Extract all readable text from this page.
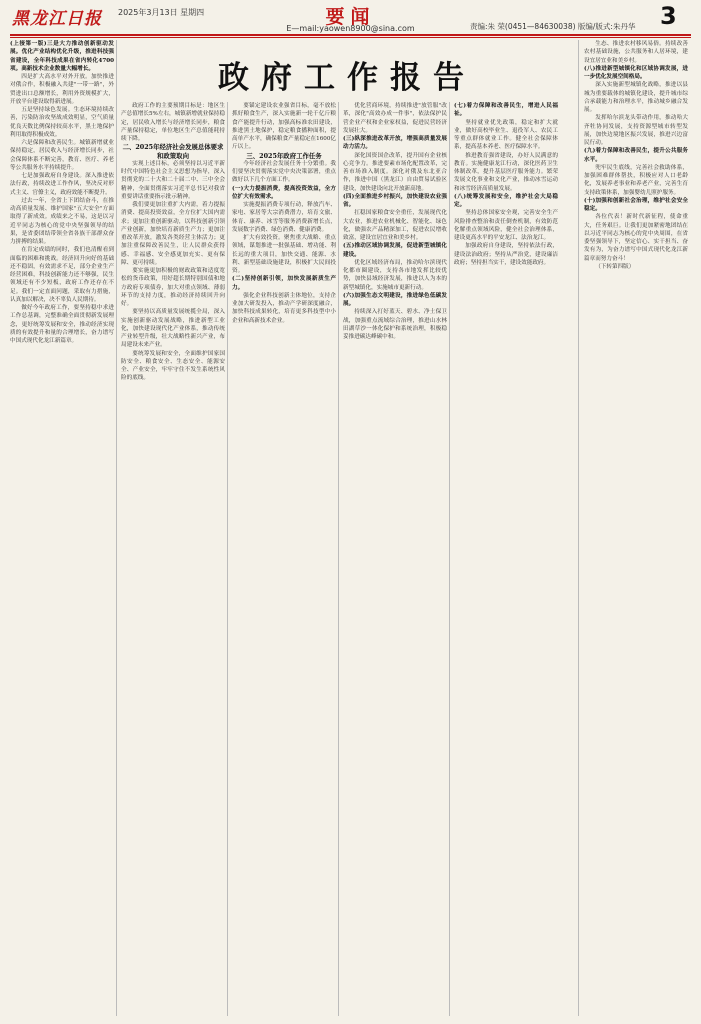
黑龙江日报 2025年3月13日 星期四	要闻
E—mail:yaowen8900@sina.com	责编:朱 荣(0451—84630038) 版编/版式:朱丹华 3
政府工作报告

(上接第一版)三是大力推动创新驱动发展。优化产业结构优化升级，推进科技强省建设，全年科技成果在省内转化4700项。高新技术企业数量大幅增长。

四是扩大高水平对外开放。加快推进对俄合作，积极融入共建"一带一路"，外贸进出口总额增长，利用外资规模扩大，开放平台建设取得新进展。

五是坚持绿色发展。生态环境持续改善，污染防治攻坚战成效明显，空气质量优良天数比例保持较高水平，黑土地保护利用取得积极成效。

六是保障和改善民生。城镇新增就业保持稳定，居民收入与经济增长同步，社会保障体系不断完善，教育、医疗、养老等公共服务水平持续提升。

七是加强政府自身建设。深入推进依法行政，持续改进工作作风，坚决反对形式主义、官僚主义，政府效能不断提升。

过去一年，全省上下团结奋斗，在推动高质量发展、维护国家"五大安全"方面取得了新成效。成绩来之不易，这是以习近平同志为核心的党中央坚强领导的结果，是省委团结带领全省各族干部群众奋力拼搏的结果。

在肯定成绩的同时，我们也清醒看到面临的困难和挑战。经济回升向好的基础还不稳固，有效需求不足，部分企业生产经营困难，科技创新能力还不够强，民生领域还有不少短板，政府工作还存在不足。我们一定直面问题，采取有力措施，认真加以解决，决不辜负人民期待。

做好今年政府工作，要坚持稳中求进工作总基调，完整准确全面贯彻新发展理念，更好统筹发展和安全，推动经济实现质的有效提升和量的合理增长，奋力谱写中国式现代化龙江新篇章。

政府工作的主要预期目标是：地区生产总值增长5%左右，城镇新增就业保持稳定，居民收入增长与经济增长同步，粮食产量保持稳定，单位地区生产总值能耗持续下降。

二、2025年经济社会发展总体要求和政策取向

实现上述目标，必须坚持以习近平新时代中国特色社会主义思想为指导，深入贯彻党的二十大和二十届二中、三中全会精神，全面贯彻落实习近平总书记对我省重要讲话重要指示批示精神。

我们要更加注重扩大内需，着力提振消费、提高投资效益，全方位扩大国内需求；更加注重创新驱动，以科技创新引领产业创新，加快培育新质生产力；更加注重改革开放，激发各类经营主体活力；更加注重保障改善民生，让人民群众获得感、幸福感、安全感更加充实、更有保障、更可持续。

要实施更加积极的财政政策和适度宽松的货币政策，用好超长期特别国债和地方政府专项债券，加大对重点领域、薄弱环节的支持力度，推动经济持续回升向好。

要坚持以高质量发展统揽全局，深入实施创新驱动发展战略，推进新型工业化，加快建设现代化产业体系，推动传统产业转型升级，壮大战略性新兴产业，布局建设未来产业。

要统筹发展和安全，全面维护国家国防安全、粮食安全、生态安全、能源安全、产业安全，牢牢守住不发生系统性风险的底线。

要锚定建设农业强省目标，毫不放松抓好粮食生产，深入实施新一轮千亿斤粮食产能提升行动，加强高标准农田建设，推进黑土地保护，稳定粮食播种面积，提高单产水平，确保粮食产量稳定在1600亿斤以上。

三、2025年政府工作任务

今年经济社会发展任务十分繁重。我们要坚决贯彻落实党中央决策部署，重点做好以下几个方面工作。

(一)大力提振消费，提高投资效益，全方位扩大有效需求。

实施提振消费专项行动，释放汽车、家电、家居等大宗消费潜力，培育文旅、体育、康养、冰雪等服务消费新增长点，发展数字消费、绿色消费、健康消费。

扩大有效投资。聚焦重大战略、重点领域，谋划推进一批强基础、增功能、利长远的重大项目，加快交通、能源、水利、新型基础设施建设，积极扩大民间投资。

(二)坚持创新引领，加快发展新质生产力。

强化企业科技创新主体地位，支持企业加大研发投入，推动产学研深度融合，加快科技成果转化，培育更多科技型中小企业和高新技术企业。

优化营商环境，持续推进"放管服"改革，深化"高效办成一件事"，依法保护民营企业产权和企业家权益，促进民营经济发展壮大。

(三)纵深推进改革开放，增强高质量发展动力活力。

深化国资国企改革，提升国有企业核心竞争力。推进要素市场化配置改革，完善市场准入制度。深化对俄及东北亚合作，推进中国（黑龙江）自由贸易试验区建设，加快建设向北开放新高地。

(四)全面推进乡村振兴，加快建设农业强省。

扛稳国家粮食安全重任，发展现代化大农业，推进农业机械化、智能化、绿色化，做强农产品精深加工，促进农民增收致富，建设宜居宜业和美乡村。

(五)推动区域协调发展，促进新型城镇化建设。

优化区域经济布局，推动哈尔滨现代化都市圈建设，支持各市地发挥比较优势，加快县域经济发展，推进以人为本的新型城镇化，实施城市更新行动。

(六)加强生态文明建设，推进绿色低碳发展。

持续深入打好蓝天、碧水、净土保卫战，加强重点流域综合治理，推进山水林田湖草沙一体化保护和系统治理，积极稳妥推进碳达峰碳中和。

(七)着力保障和改善民生，增进人民福祉。

坚持就业优先政策，稳定和扩大就业，做好高校毕业生、退役军人、农民工等重点群体就业工作。健全社会保障体系，提高基本养老、医疗保障水平。

推进教育强省建设，办好人民满意的教育。实施健康龙江行动，深化医药卫生体制改革，提升基层医疗服务能力。繁荣发展文化事业和文化产业，推动冰雪运动和冰雪经济高质量发展。

(八)统筹发展和安全，维护社会大局稳定。

坚持总体国家安全观，完善安全生产风险排查整治和责任倒查机制，有效防范化解重点领域风险，健全社会治理体系，建设更高水平的平安龙江、法治龙江。

加强政府自身建设，坚持依法行政，建设法治政府；坚持从严治党，建设廉洁政府；坚持担当实干，建设效能政府。

生态、推进农村移风易俗。持续改善农村基础设施，公共服务和人居环境，建设宜居宜业和美乡村。

(八)推进新型城镇化和区域协调发展，进一步优化发展空间格局。

深入实施新型城镇化战略，推进以县城为重要载体的城镇化建设，提升城市综合承载能力和治理水平，推动城乡融合发展。

发挥哈尔滨龙头带动作用，推动哈大齐牡协同发展，支持资源型城市转型发展，加快边境地区振兴发展，推进兴边富民行动。

(九)着力保障和改善民生，提升公共服务水平。

兜牢民生底线，完善社会救助体系，加强困难群体帮扶，积极应对人口老龄化，发展养老事业和养老产业，完善生育支持政策体系，加强婴幼儿照护服务。

(十)加强和创新社会治理，维护社会安全稳定。

各位代表！新时代新征程，使命重大，任务艰巨。让我们更加紧密地团结在以习近平同志为核心的党中央周围，在省委坚强领导下，坚定信心、实干担当、奋发有为，为奋力谱写中国式现代化龙江新篇章而努力奋斗！

（下转第四版）
